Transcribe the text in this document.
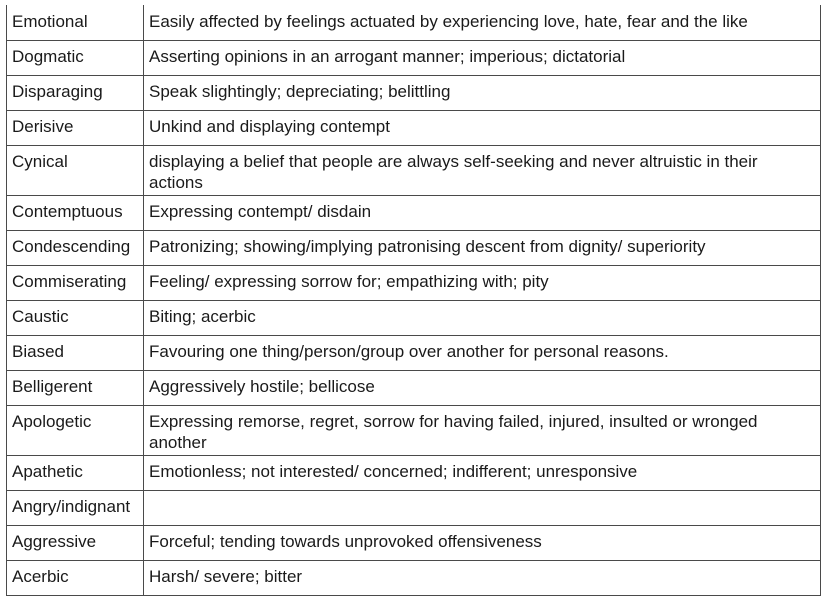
Emotional	Easily affected by feelings actuated by experiencing love, hate, fear and the like
Dogmatic	Asserting opinions in an arrogant manner; imperious; dictatorial
Disparaging	Speak slightingly; depreciating; belittling
Derisive	Unkind and displaying contempt
Cynical	displaying a belief that people are always self-seeking and never altruistic in their actions
Contemptuous	Expressing contempt/ disdain
Condescending	Patronizing; showing/implying patronising descent from dignity/ superiority
Commiserating	Feeling/ expressing sorrow for; empathizing with; pity
Caustic	Biting; acerbic
Biased	Favouring one thing/person/group over another for personal reasons.
Belligerent	Aggressively hostile; bellicose
Apologetic	Expressing remorse, regret, sorrow for having failed, injured, insulted or wronged another
Apathetic	Emotionless; not interested/ concerned; indifferent; unresponsive
Angry/indignant	
Aggressive	Forceful; tending towards unprovoked offensiveness
Acerbic	Harsh/ severe; bitter
